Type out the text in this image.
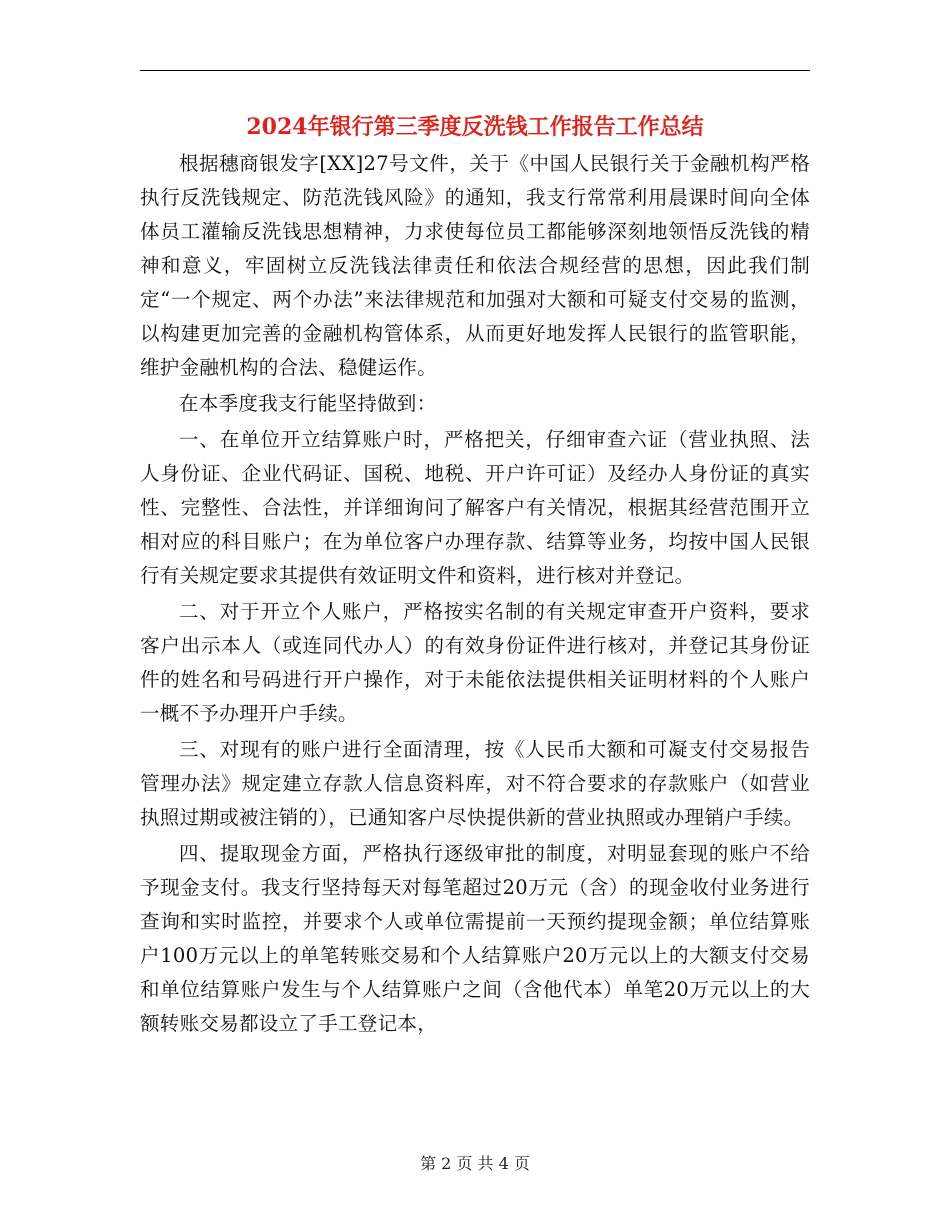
2024年银行第三季度反洗钱工作报告工作总结

根据穗商银发字[XX]27号文件，关于《中国人民银行关于金融机构严格执行反洗钱规定、防范洗钱风险》的通知，我支行常常利用晨课时间向全体体员工灌输反洗钱思想精神，力求使每位员工都能够深刻地领悟反洗钱的精神和意义，牢固树立反洗钱法律责任和依法合规经营的思想，因此我们制定“一个规定、两个办法”来法律规范和加强对大额和可疑支付交易的监测，以构建更加完善的金融机构管体系，从而更好地发挥人民银行的监管职能，维护金融机构的合法、稳健运作。

在本季度我支行能坚持做到：

一、在单位开立结算账户时，严格把关，仔细审查六证（营业执照、法人身份证、企业代码证、国税、地税、开户许可证）及经办人身份证的真实性、完整性、合法性，并详细询问了解客户有关情况，根据其经营范围开立相对应的科目账户；在为单位客户办理存款、结算等业务，均按中国人民银行有关规定要求其提供有效证明文件和资料，进行核对并登记。

二、对于开立个人账户，严格按实名制的有关规定审查开户资料，要求客户出示本人（或连同代办人）的有效身份证件进行核对，并登记其身份证件的姓名和号码进行开户操作，对于未能依法提供相关证明材料的个人账户一概不予办理开户手续。

三、对现有的账户进行全面清理，按《人民币大额和可凝支付交易报告管理办法》规定建立存款人信息资料库，对不符合要求的存款账户（如营业执照过期或被注销的），已通知客户尽快提供新的营业执照或办理销户手续。

四、提取现金方面，严格执行逐级审批的制度，对明显套现的账户不给予现金支付。我支行坚持每天对每笔超过20万元（含）的现金收付业务进行查询和实时监控，并要求个人或单位需提前一天预约提现金额；单位结算账户100万元以上的单笔转账交易和个人结算账户20万元以上的大额支付交易和单位结算账户发生与个人结算账户之间（含他代本）单笔20万元以上的大额转账交易都设立了手工登记本，

第 2 页 共 4 页
